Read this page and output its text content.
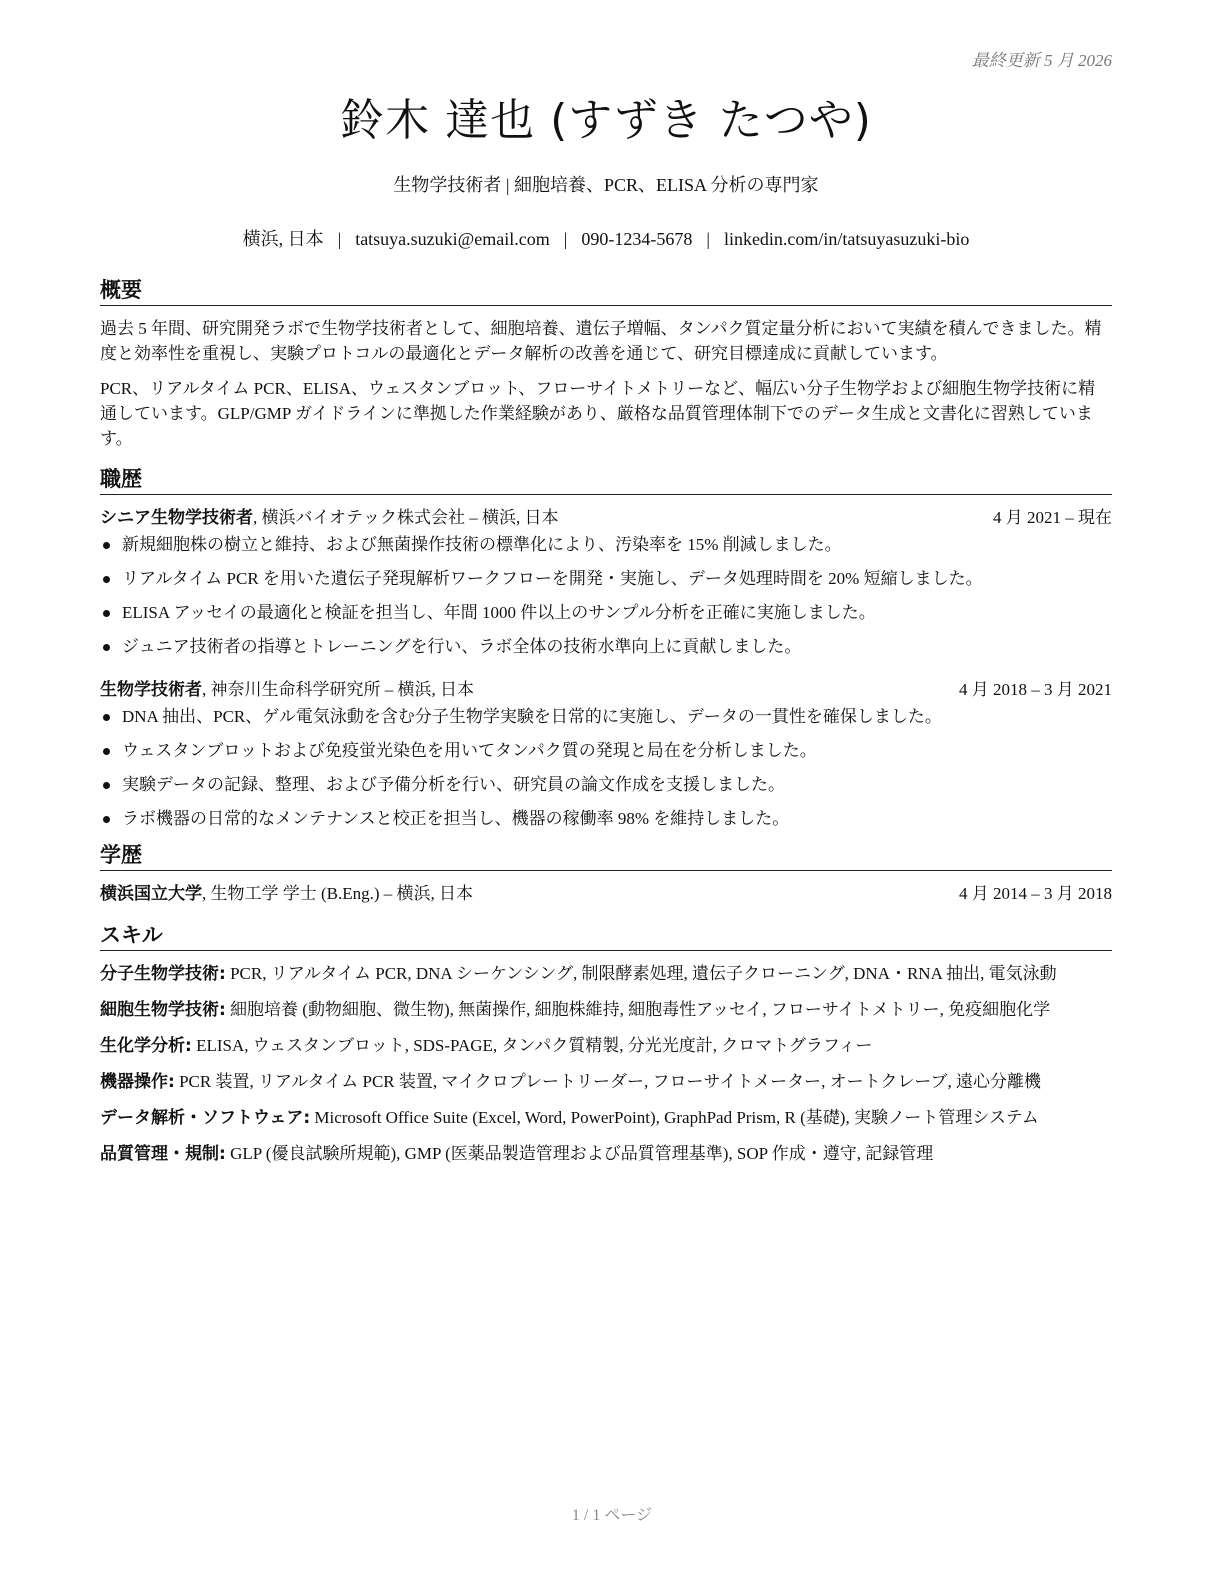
最終更新 5 月 2026
鈴木 達也 (すずき たつや)
生物学技術者 | 細胞培養、PCR、ELISA 分析の専門家
横浜, 日本 | tatsuya.suzuki@email.com | 090-1234-5678 | linkedin.com/in/tatsuyasuzuki-bio
概要

過去 5 年間、研究開発ラボで生物学技術者として、細胞培養、遺伝子増幅、タンパク質定量分析において実績を積んできました。精度と効率性を重視し、実験プロトコルの最適化とデータ解析の改善を通じて、研究目標達成に貢献しています。

PCR、リアルタイム PCR、ELISA、ウェスタンブロット、フローサイトメトリーなど、幅広い分子生物学および細胞生物学技術に精通しています。GLP/GMP ガイドラインに準拠した作業経験があり、厳格な品質管理体制下でのデータ生成と文書化に習熟しています。

職歴
シニア生物学技術者, 横浜バイオテック株式会社 – 横浜, 日本	4 月 2021 – 現在
新規細胞株の樹立と維持、および無菌操作技術の標準化により、汚染率を 15% 削減しました。
リアルタイム PCR を用いた遺伝子発現解析ワークフローを開発・実施し、データ処理時間を 20% 短縮しました。
ELISA アッセイの最適化と検証を担当し、年間 1000 件以上のサンプル分析を正確に実施しました。
ジュニア技術者の指導とトレーニングを行い、ラボ全体の技術水準向上に貢献しました。
生物学技術者, 神奈川生命科学研究所 – 横浜, 日本	4 月 2018 – 3 月 2021
DNA 抽出、PCR、ゲル電気泳動を含む分子生物学実験を日常的に実施し、データの一貫性を確保しました。
ウェスタンブロットおよび免疫蛍光染色を用いてタンパク質の発現と局在を分析しました。
実験データの記録、整理、および予備分析を行い、研究員の論文作成を支援しました。
ラボ機器の日常的なメンテナンスと校正を担当し、機器の稼働率 98% を維持しました。
学歴
横浜国立大学, 生物工学 学士 (B.Eng.) – 横浜, 日本	4 月 2014 – 3 月 2018
スキル

分子生物学技術: PCR, リアルタイム PCR, DNA シーケンシング, 制限酵素処理, 遺伝子クローニング, DNA・RNA 抽出, 電気泳動

細胞生物学技術: 細胞培養 (動物細胞、微生物), 無菌操作, 細胞株維持, 細胞毒性アッセイ, フローサイトメトリー, 免疫細胞化学

生化学分析: ELISA, ウェスタンブロット, SDS-PAGE, タンパク質精製, 分光光度計, クロマトグラフィー

機器操作: PCR 装置, リアルタイム PCR 装置, マイクロプレートリーダー, フローサイトメーター, オートクレーブ, 遠心分離機

データ解析・ソフトウェア: Microsoft Office Suite (Excel, Word, PowerPoint), GraphPad Prism, R (基礎), 実験ノート管理システム

品質管理・規制: GLP (優良試験所規範), GMP (医薬品製造管理および品質管理基準), SOP 作成・遵守, 記録管理

1 / 1 ページ
